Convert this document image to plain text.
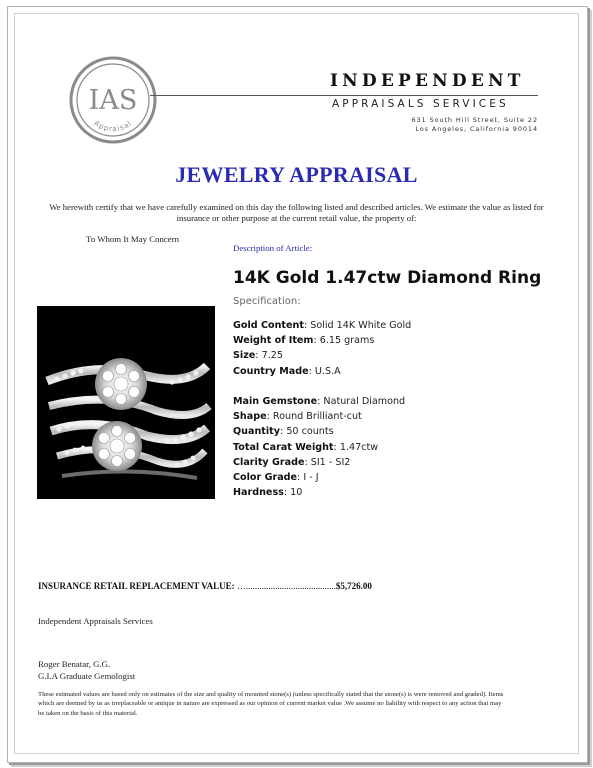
IAS
Appraisal
INDEPENDENT
APPRAISALS SERVICES
631 South Hill Street, Suite 22
Los Angeles, California 90014
JEWELRY APPRAISAL
We herewith certify that we have carefully examined on this day the following listed and described articles. We estimate the value as listed for insurance or other purpose at the current retail value, the property of:
To Whom It May Concern
Description of Article:
14K Gold 1.47ctw Diamond Ring
Specification:
Gold Content: Solid 14K White Gold
Weight of Item: 6.15 grams
Size: 7.25
Country Made: U.S.A
Main Gemstone: Natural Diamond
Shape: Round Brilliant-cut
Quantity: 50 counts
Total Carat Weight: 1.47ctw
Clarity Grade: SI1 - SI2
Color Grade: I - J
Hardness: 10
INSURANCE RETAIL REPLACEMENT VALUE: …........................................$5,726.00
Independent Appraisals Services
Roger Benatar, G.G.
G.I.A Graduate Gemologist
These estimated values are based only on estimates of the size and quality of mounted stone(s) (unless specifically stated that the stone(s) is were removed and graded). Items which are deemed by us as irreplaceable or antique in nature are expressed as our opinion of current market value .We assume no liability with respect to any action that may be taken on the basis of this material.
